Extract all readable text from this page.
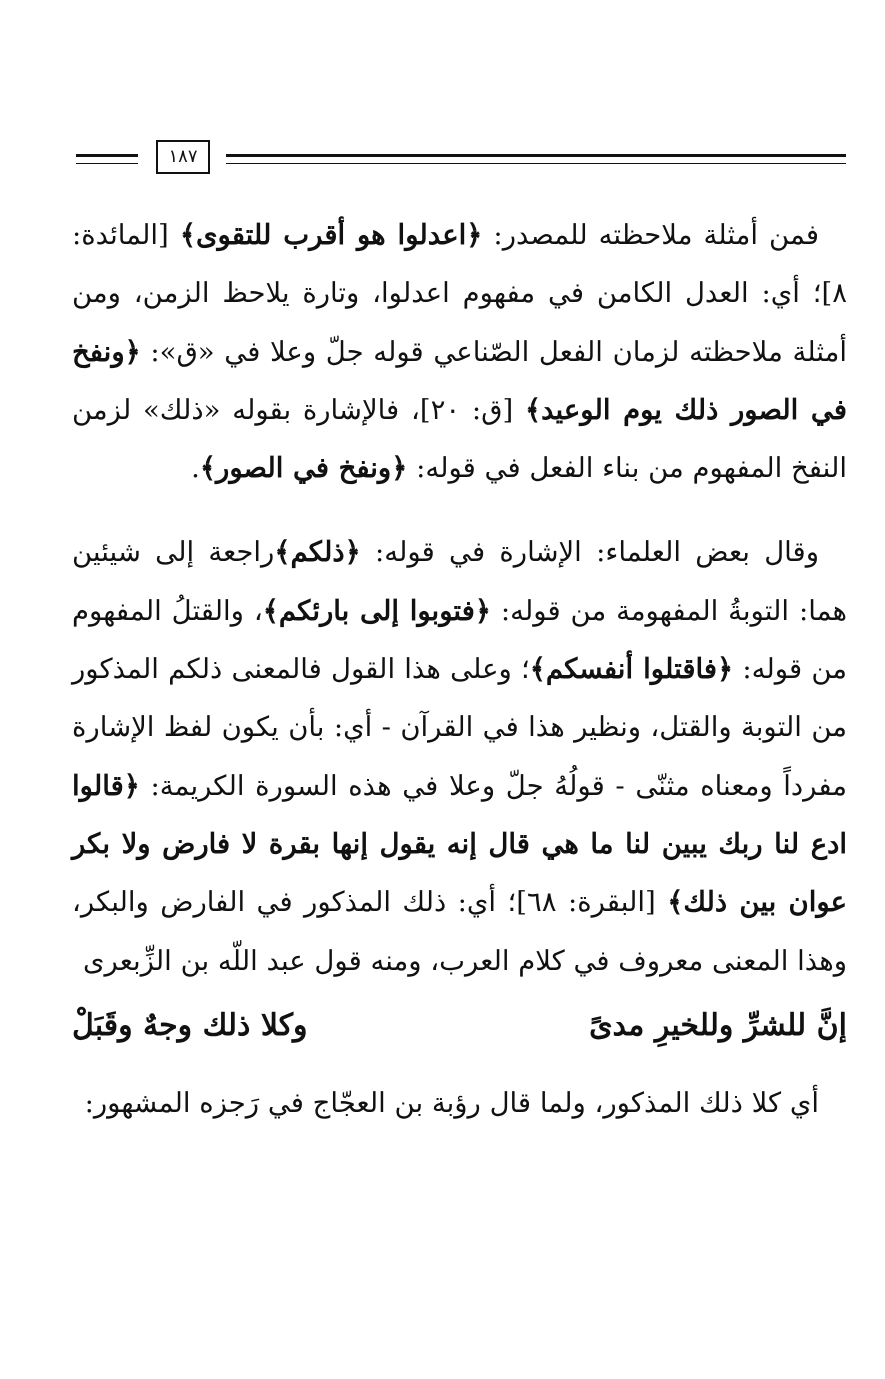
١٨٧

فمن أمثلة ملاحظته للمصدر: ﴿اعدلوا هو أقرب للتقوى﴾ [المائدة: ٨]؛ أي: العدل الكامن في مفهوم اعدلوا، وتارة يلاحظ الزمن، ومن أمثلة ملاحظته لزمان الفعل الصّناعي قوله جلّ وعلا في «ق»: ﴿ونفخ في الصور ذلك يوم الوعيد﴾ [ق: ٢٠]، فالإشارة بقوله «ذلك» لزمن النفخ المفهوم من بناء الفعل في قوله: ﴿ونفخ في الصور﴾.

وقال بعض العلماء: الإشارة في قوله: ﴿ذلكم﴾راجعة إلى شيئين هما: التوبةُ المفهومة من قوله: ﴿فتوبوا إلى بارئكم﴾، والقتلُ المفهوم من قوله: ﴿فاقتلوا أنفسكم﴾؛ وعلى هذا القول فالمعنى ذلكم المذكور من التوبة والقتل، ونظير هذا في القرآن - أي: بأن يكون لفظ الإشارة مفرداً ومعناه مثنّى - قولُهُ جلّ وعلا في هذه السورة الكريمة: ﴿قالوا ادع لنا ربك يبين لنا ما هي قال إنه يقول إنها بقرة لا فارض ولا بكر عوان بين ذلك﴾ [البقرة: ٦٨]؛ أي: ذلك المذكور في الفارض والبكر، وهذا المعنى معروف في كلام العرب، ومنه قول عبد اللّه بن الزِّبعرى

إنَّ للشرِّ وللخيرِ مدىً
وكلا ذلك وجهٌ وقَبَلْ

أي كلا ذلك المذكور، ولما قال رؤبة بن العجّاج في رَجزه المشهور:
